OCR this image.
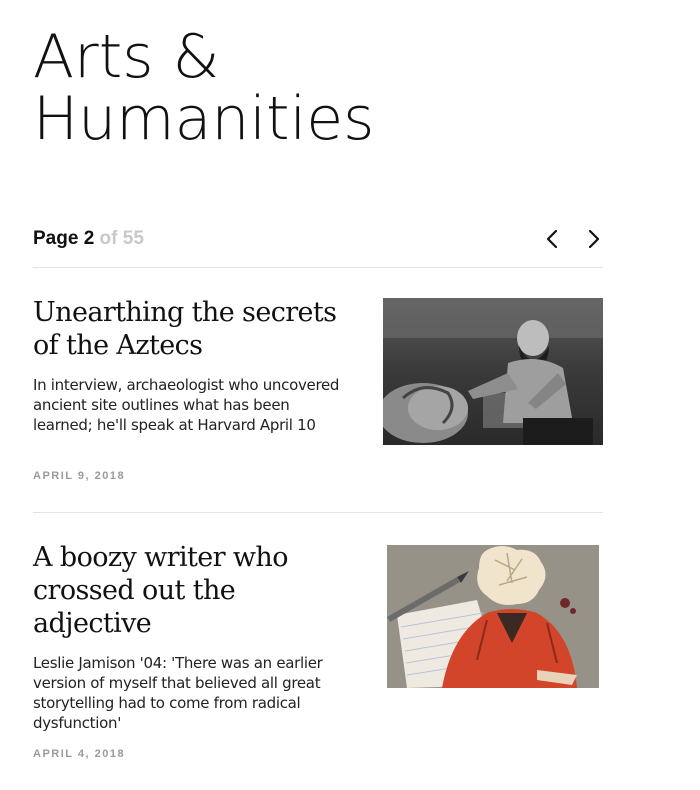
Arts &
Humanities
Page 2 of 55
Unearthing the secrets of the Aztecs

In interview, archaeologist who uncovered ancient site outlines what has been learned; he'll speak at Harvard April 10

APRIL 9, 2018
A boozy writer who crossed out the adjective

Leslie Jamison '04: 'There was an earlier version of myself that believed all great storytelling had to come from radical dysfunction'

APRIL 4, 2018
